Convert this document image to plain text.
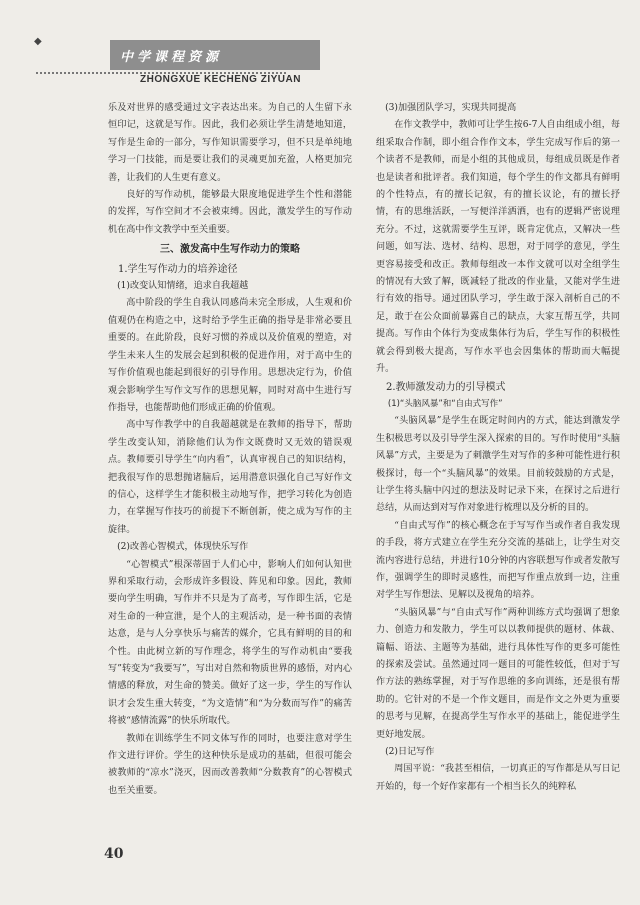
◆
中学课程资源
ZHONGXUE KECHENG ZIYUAN

乐及对世界的感受通过文字表达出来。为自己的人生留下永恒印记，这就是写作。因此，我们必须让学生清楚地知道，写作是生命的一部分，写作知识需要学习，但不只是单纯地学习一门技能，而是要让我们的灵魂更加充盈，人格更加完善，让我们的人生更有意义。

良好的写作动机，能够最大限度地促进学生个性和潜能的发挥，写作空间才不会被束缚。因此，激发学生的写作动机在高中作文教学中至关重要。

三、激发高中生写作动力的策略

1.学生写作动力的培养途径

(1)改变认知情绪，追求自我超越

高中阶段的学生自我认同感尚未完全形成，人生观和价值观仍在构造之中，这时给予学生正确的指导是非常必要且重要的。在此阶段，良好习惯的养成以及价值观的塑造，对学生未来人生的发展会起到积极的促进作用，对于高中生的写作价值观也能起到很好的引导作用。思想决定行为，价值观会影响学生写作文写作的思想见解，同时对高中生进行写作指导，也能帮助他们形成正确的价值观。

高中写作教学中的自我超越就是在教师的指导下，帮助学生改变认知，消除他们认为作文既费时又无效的错误观点。教师要引导学生“向内看”，认真审视自己的知识结构，把我很写作的思想抛诸脑后，运用潜意识强化自己写好作文的信心，这样学生才能积极主动地写作，把学习转化为创造力，在掌握写作技巧的前提下不断创新，使之成为写作的主旋律。

(2)改善心智模式，体现快乐写作

“心智模式”根深蒂固于人们心中，影响人们如何认知世界和采取行动，会形成许多假设、阵见和印象。因此，教师要向学生明确，写作并不只是为了高考，写作即生活，它是对生命的一种宣泄，是个人的主观活动，是一种书面的表情达意，是与人分享快乐与痛苦的媒介，它具有鲜明的目的和个性。由此树立新的写作理念，将学生的写作动机由“要我写”转变为“我要写”，写出对自然和物质世界的感悟，对内心情感的释放，对生命的赞美。做好了这一步，学生的写作认识才会发生重大转变，“为文造情”和“为分数而写作”的痛苦将被“感情流露”的快乐所取代。

教师在训练学生不同文体写作的同时，也要注意对学生作文进行评价。学生的这种快乐是成功的基础，但很可能会被教师的“凉水”浇灭，因而改善教师“分数教育”的心智模式也至关重要。

(3)加强团队学习，实现共同提高

在作文教学中，教师可让学生按6-7人自由组成小组，每组采取合作制，即小组合作作文本，学生完成写作后的第一个读者不是教师，而是小组的其他成员，每组成员既是作者也是读者和批评者。我们知道，每个学生的作文都具有鲜明的个性特点，有的擅长记叙，有的擅长议论，有的擅长抒情，有的思维活跃，一写便洋洋洒洒，也有的逻辑严密说理充分。不过，这就需要学生互评，既肯定优点，又解决一些问题，如写法、选材、结构、思想，对于同学的意见，学生更容易接受和改正。教师每组改一本作文就可以对全组学生的情况有大致了解，既减轻了批改的作业量，又能对学生进行有效的指导。通过团队学习，学生敢于深入剖析自己的不足，敢于在公众面前暴露自己的缺点，大家互帮互学，共同提高。写作由个体行为变成集体行为后，学生写作的积极性就会得到极大提高，写作水平也会因集体的帮助而大幅提升。

2.教师激发动力的引导模式

(1)“头脑风暴”和“自由式写作”

“头脑风暴”是学生在既定时间内的方式，能达到激发学生积极思考以及引导学生深入探索的目的。写作时使用“头脑风暴”方式，主要是为了刺激学生对写作的多种可能性进行积极探讨，每一个“头脑风暴”的效果。目前较鼓励的方式是，让学生将头脑中闪过的想法及时记录下来，在探讨之后进行总结，从而达到对写作对象进行梳理以及分析的目的。

“自由式写作”的核心概念在于写写作当或作者自我发现的手段，将方式建立在学生充分交流的基础上，让学生对交流内容进行总结，并进行10分钟的内容联想写作或者发散写作，强调学生的即时灵感性，而把写作重点放到一边，注重对学生写作想法、见解以及视角的培养。

“头脑风暴”与“自由式写作”两种训练方式均强调了想象力、创造力和发散力，学生可以以教师提供的题材、体裁、篇幅、语法、主题等为基础，进行具体性写作的更多可能性的探索及尝试。虽然通过同一题目的可能性较低，但对于写作方法的熟练掌握，对于写作思维的多向训练，还是很有帮助的。它针对的不是一个作文题目，而是作文之外更为重要的思考与见解，在提高学生写作水平的基础上，能促进学生更好地发展。

(2)日记写作

周国平说：“我甚至相信，一切真正的写作都是从写日记开始的，每一个好作家都有一个相当长久的纯粹私

40
